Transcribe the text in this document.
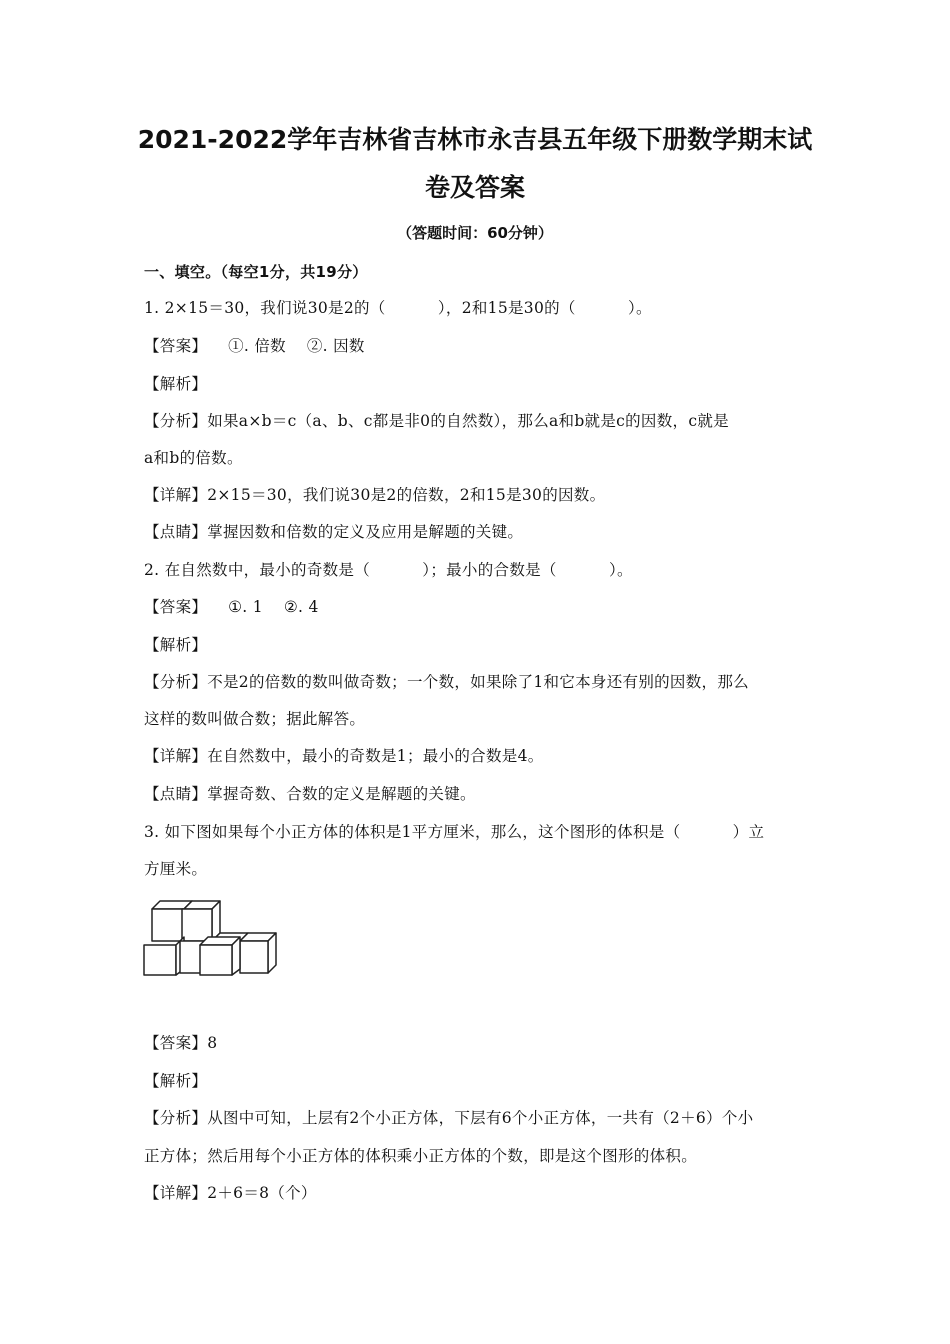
2021-2022学年吉林省吉林市永吉县五年级下册数学期末试
卷及答案
（答题时间：60分钟）
一、填空。（每空1分，共19分）
1. 2×15＝30，我们说30是2的（          ），2和15是30的（          ）。
【答案】    ①. 倍数    ②. 因数
【解析】
【分析】如果a×b＝c（a、b、c都是非0的自然数），那么a和b就是c的因数，c就是
a和b的倍数。
【详解】2×15＝30，我们说30是2的倍数，2和15是30的因数。
【点睛】掌握因数和倍数的定义及应用是解题的关键。
2. 在自然数中，最小的奇数是（          ）；最小的合数是（          ）。
【答案】    ①. 1    ②. 4
【解析】
【分析】不是2的倍数的数叫做奇数；一个数，如果除了1和它本身还有别的因数，那么
这样的数叫做合数；据此解答。
【详解】在自然数中，最小的奇数是1；最小的合数是4。
【点睛】掌握奇数、合数的定义是解题的关键。
3. 如下图如果每个小正方体的体积是1平方厘米，那么，这个图形的体积是（          ）立
方厘米。
【答案】8
【解析】
【分析】从图中可知，上层有2个小正方体，下层有6个小正方体，一共有（2＋6）个小
正方体；然后用每个小正方体的体积乘小正方体的个数，即是这个图形的体积。
【详解】2＋6＝8（个）
